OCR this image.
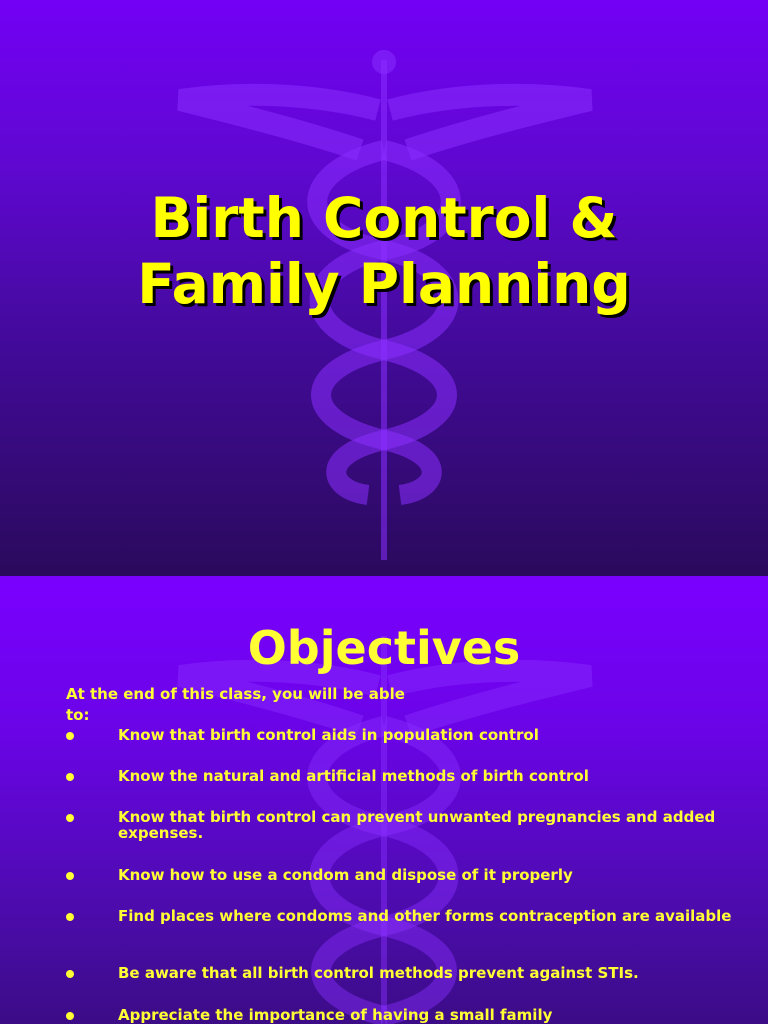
Birth Control &
Family Planning
Objectives
At the end of this class, you will be able to:
Know that birth control aids in population control
Know the natural and artificial methods of birth control
Know that birth control can prevent unwanted pregnancies and added expenses.
Know how to use a condom and dispose of it properly
Find places where condoms and other forms contraception are available
Be aware that all birth control methods prevent against STIs.
Appreciate the importance of having a small family
